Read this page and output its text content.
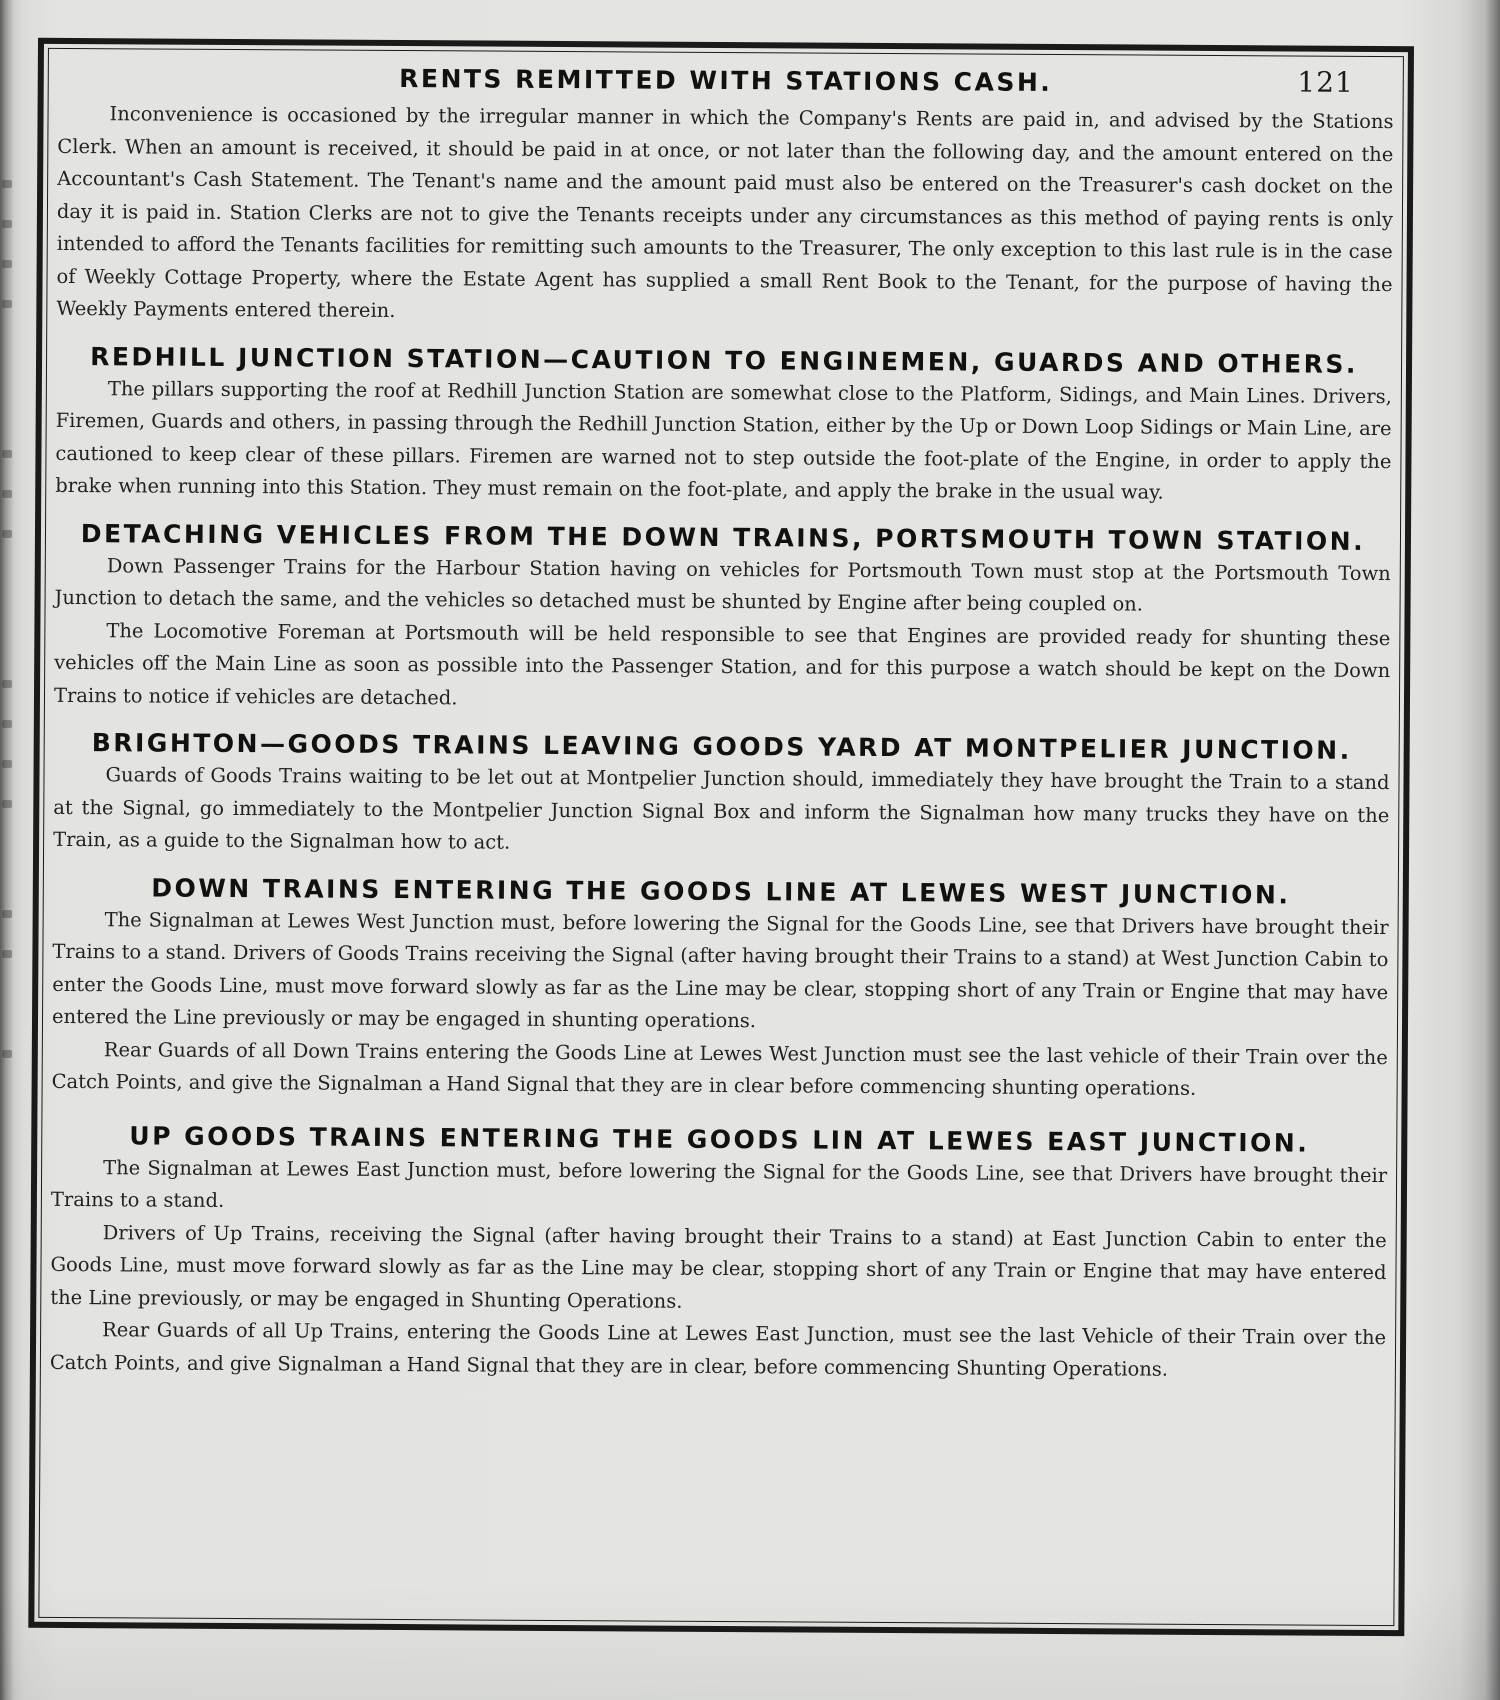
RENTS REMITTED WITH STATIONS CASH.	121

Inconvenience is occasioned by the irregular manner in which the Company's Rents are paid in, and advised by the Stations Clerk. When an amount is received, it should be paid in at once, or not later than the following day, and the amount entered on the Accountant's Cash Statement. The Tenant's name and the amount paid must also be entered on the Treasurer's cash docket on the day it is paid in. Station Clerks are not to give the Tenants receipts under any circumstances as this method of paying rents is only intended to afford the Tenants facilities for remitting such amounts to the Treasurer, The only exception to this last rule is in the case of Weekly Cottage Property, where the Estate Agent has supplied a small Rent Book to the Tenant, for the purpose of having the Weekly Payments entered therein.

REDHILL JUNCTION STATION—CAUTION TO ENGINEMEN, GUARDS AND OTHERS.

The pillars supporting the roof at Redhill Junction Station are somewhat close to the Platform, Sidings, and Main Lines. Drivers, Firemen, Guards and others, in passing through the Redhill Junction Station, either by the Up or Down Loop Sidings or Main Line, are cautioned to keep clear of these pillars. Firemen are warned not to step outside the foot-plate of the Engine, in order to apply the brake when running into this Station. They must remain on the foot-plate, and apply the brake in the usual way.

DETACHING VEHICLES FROM THE DOWN TRAINS, PORTSMOUTH TOWN STATION.

Down Passenger Trains for the Harbour Station having on vehicles for Portsmouth Town must stop at the Portsmouth Town Junction to detach the same, and the vehicles so detached must be shunted by Engine after being coupled on.

The Locomotive Foreman at Portsmouth will be held responsible to see that Engines are provided ready for shunting these vehicles off the Main Line as soon as possible into the Passenger Station, and for this purpose a watch should be kept on the Down Trains to notice if vehicles are detached.

BRIGHTON—GOODS TRAINS LEAVING GOODS YARD AT MONTPELIER JUNCTION.

Guards of Goods Trains waiting to be let out at Montpelier Junction should, immediately they have brought the Train to a stand at the Signal, go immediately to the Montpelier Junction Signal Box and inform the Signalman how many trucks they have on the Train, as a guide to the Signalman how to act.

DOWN TRAINS ENTERING THE GOODS LINE AT LEWES WEST JUNCTION.

The Signalman at Lewes West Junction must, before lowering the Signal for the Goods Line, see that Drivers have brought their Trains to a stand. Drivers of Goods Trains receiving the Signal (after having brought their Trains to a stand) at West Junction Cabin to enter the Goods Line, must move forward slowly as far as the Line may be clear, stopping short of any Train or Engine that may have entered the Line previously or may be engaged in shunting operations.

Rear Guards of all Down Trains entering the Goods Line at Lewes West Junction must see the last vehicle of their Train over the Catch Points, and give the Signalman a Hand Signal that they are in clear before commencing shunting operations.

UP GOODS TRAINS ENTERING THE GOODS LIN AT LEWES EAST JUNCTION.

The Signalman at Lewes East Junction must, before lowering the Signal for the Goods Line, see that Drivers have brought their Trains to a stand.

Drivers of Up Trains, receiving the Signal (after having brought their Trains to a stand) at East Junction Cabin to enter the Goods Line, must move forward slowly as far as the Line may be clear, stopping short of any Train or Engine that may have entered the Line previously, or may be engaged in Shunting Operations.

Rear Guards of all Up Trains, entering the Goods Line at Lewes East Junction, must see the last Vehicle of their Train over the Catch Points, and give Signalman a Hand Signal that they are in clear, before commencing Shunting Operations.
